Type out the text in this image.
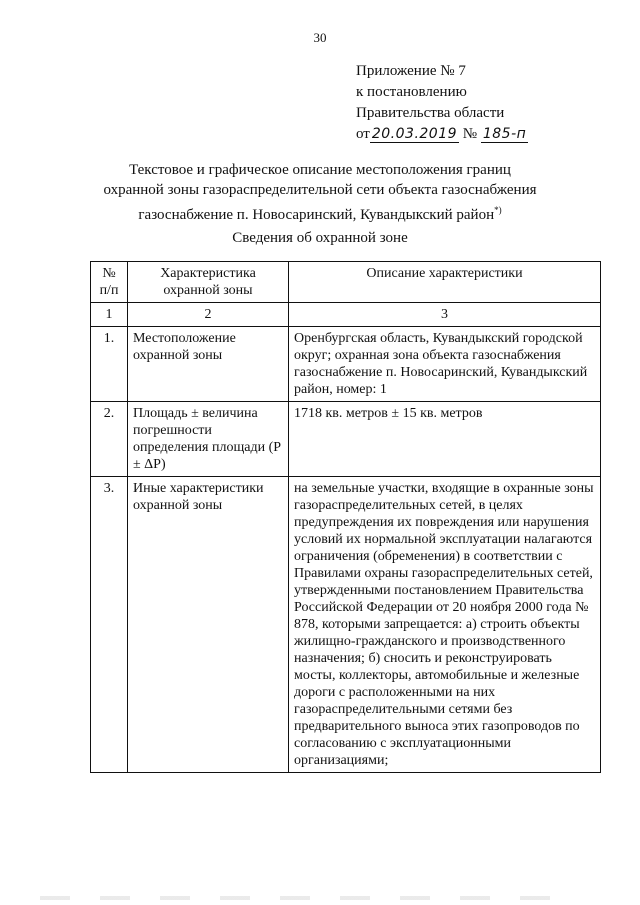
30
Приложение № 7
к постановлению
Правительства области
от 20.03.2019 № 185-п
Текстовое и графическое описание местоположения границ
охранной зоны газораспределительной сети объекта газоснабжения
газоснабжение п. Новосаринский, Кувандыкский район*)
Сведения об охранной зоне
№ п/п	Характеристика охранной зоны	Описание характеристики
1	2	3
1.	Местоположение охранной зоны	Оренбургская область, Кувандыкский городской округ; охранная зона объекта газоснабжения газоснабжение п. Новосаринский, Кувандыкский район, номер: 1
2.	Площадь ± величина погрешности определения площади (P ± ΔP)	1718 кв. метров ± 15 кв. метров
3.	Иные характеристики охранной зоны	на земельные участки, входящие в охранные зоны газораспределительных сетей, в целях предупреждения их повреждения или нарушения условий их нормальной эксплуатации налагаются ограничения (обременения) в соответствии с Правилами охраны газораспределительных сетей, утвержденными постановлением Правительства Российской Федерации от 20 ноября 2000 года № 878, которыми запрещается: а) строить объекты жилищно-гражданского и производственного назначения; б) сносить и реконструировать мосты, коллекторы, автомобильные и железные дороги с расположенными на них газораспределительными сетями без предварительного выноса этих газопроводов по согласованию с эксплуатационными организациями;
